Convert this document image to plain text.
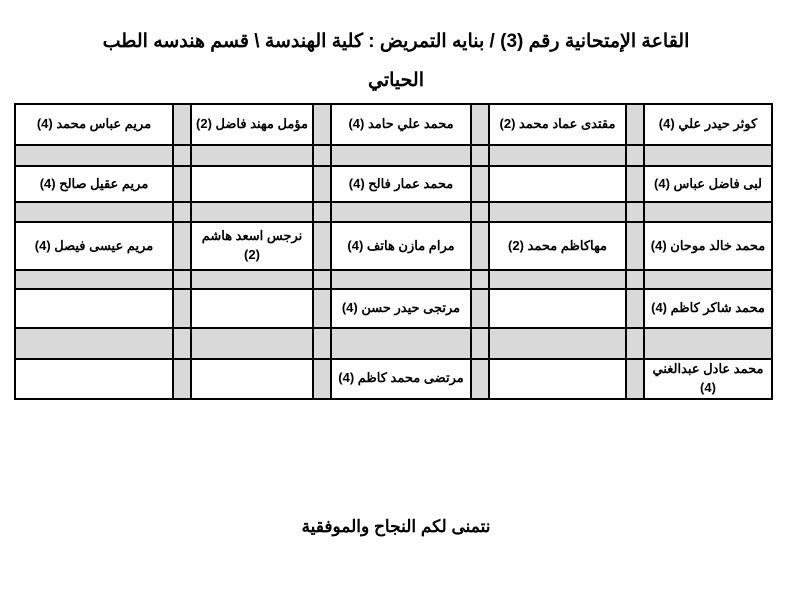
القاعة الإمتحانية رقم (3) / بنايه التمريض : كلية الهندسة \ قسم هندسه الطب
الحياتي
كوثر حيدر علي (4)		مقتدى عماد محمد (2)		محمد علي حامد (4)		مؤمل مهند فاضل (2)		مريم عباس محمد (4)

لبى فاضل عباس (4)				محمد عمار فالح (4)				مريم عقيل صالح (4)

محمد خالد موحان (4)		مهاكاظم محمد (2)		مرام مازن هاتف (4)		نرجس اسعد هاشم (2)		مريم عيسى فيصل (4)

محمد شاكر كاظم (4)				مرتجى حيدر حسن (4)				

محمد عادل عبدالغني (4)				مرتضى محمد كاظم (4)				
نتمنى لكم النجاح والموفقية
